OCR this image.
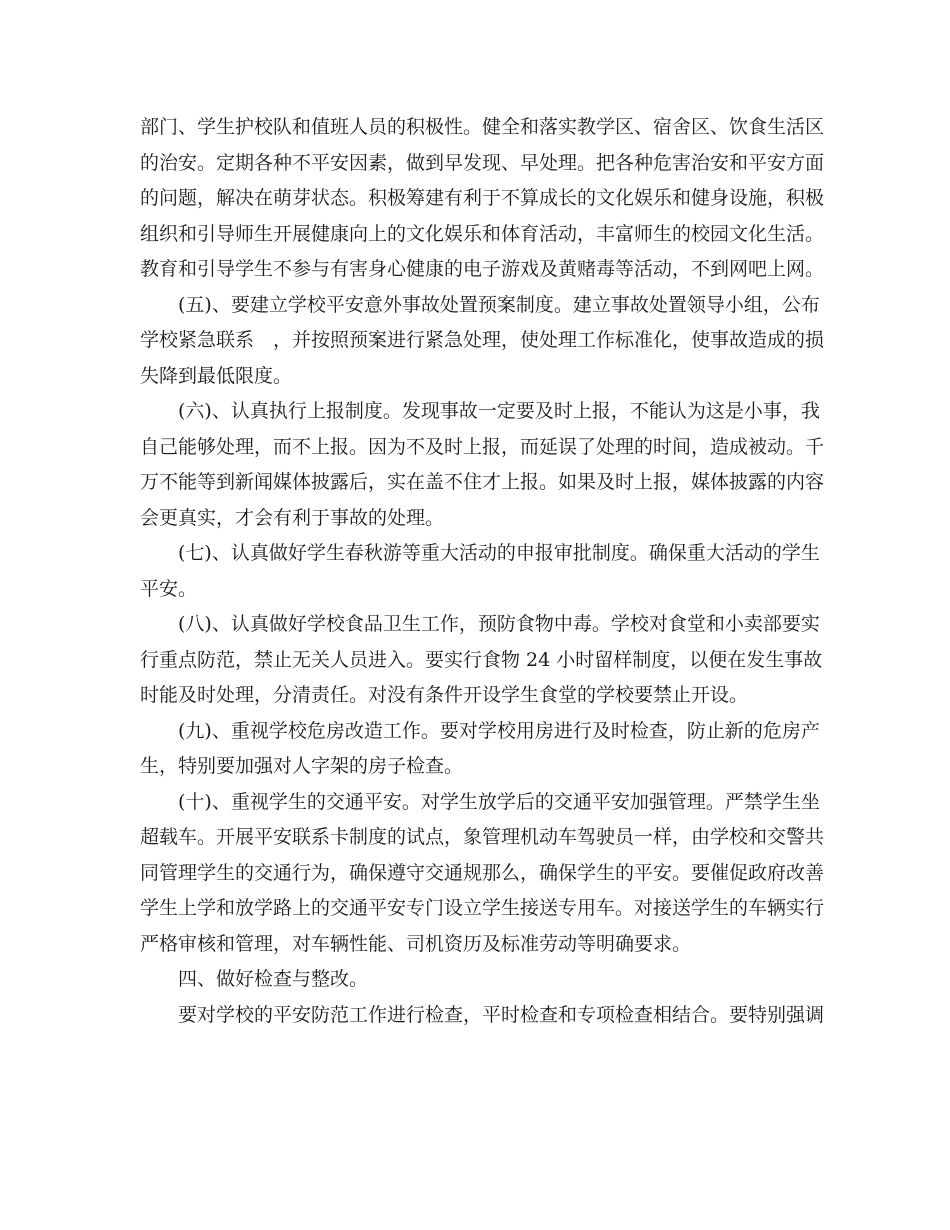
部门、学生护校队和值班人员的积极性。健全和落实教学区、宿舍区、饮食生活区
的治安。定期各种不平安因素，做到早发现、早处理。把各种危害治安和平安方面
的问题，解决在萌芽状态。积极筹建有利于不算成长的文化娱乐和健身设施，积极
组织和引导师生开展健康向上的文化娱乐和体育活动，丰富师生的校园文化生活。
教育和引导学生不参与有害身心健康的电子游戏及黄赌毒等活动，不到网吧上网。
(五)、要建立学校平安意外事故处置预案制度。建立事故处置领导小组，公布
学校紧急联系　，并按照预案进行紧急处理，使处理工作标准化，使事故造成的损
失降到最低限度。
(六)、认真执行上报制度。发现事故一定要及时上报，不能认为这是小事，我
自己能够处理，而不上报。因为不及时上报，而延误了处理的时间，造成被动。千
万不能等到新闻媒体披露后，实在盖不住才上报。如果及时上报，媒体披露的内容
会更真实，才会有利于事故的处理。
(七)、认真做好学生春秋游等重大活动的申报审批制度。确保重大活动的学生
平安。
(八)、认真做好学校食品卫生工作，预防食物中毒。学校对食堂和小卖部要实
行重点防范，禁止无关人员进入。要实行食物 24 小时留样制度，以便在发生事故
时能及时处理，分清责任。对没有条件开设学生食堂的学校要禁止开设。
(九)、重视学校危房改造工作。要对学校用房进行及时检查，防止新的危房产
生，特别要加强对人字架的房子检查。
(十)、重视学生的交通平安。对学生放学后的交通平安加强管理。严禁学生坐
超载车。开展平安联系卡制度的试点，象管理机动车驾驶员一样，由学校和交警共
同管理学生的交通行为，确保遵守交通规那么，确保学生的平安。要催促政府改善
学生上学和放学路上的交通平安专门设立学生接送专用车。对接送学生的车辆实行
严格审核和管理，对车辆性能、司机资历及标准劳动等明确要求。
四、做好检查与整改。
要对学校的平安防范工作进行检查，平时检查和专项检查相结合。要特别强调
